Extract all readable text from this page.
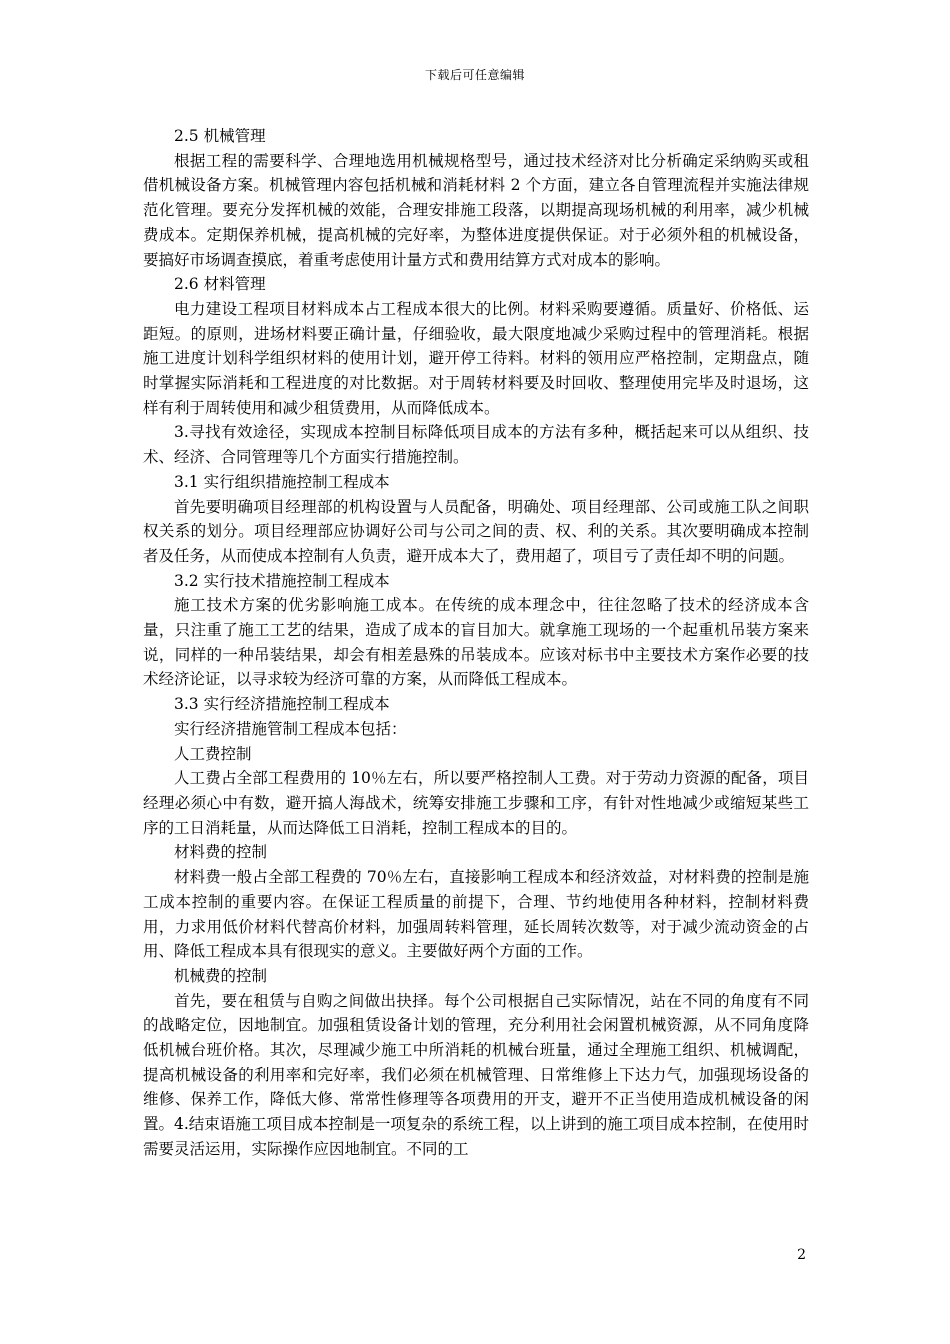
下载后可任意编辑

2.5 机械管理

根据工程的需要科学、合理地选用机械规格型号，通过技术经济对比分析确定采纳购买或租借机械设备方案。机械管理内容包括机械和消耗材料 2 个方面，建立各自管理流程并实施法律规范化管理。要充分发挥机械的效能，合理安排施工段落，以期提高现场机械的利用率，减少机械费成本。定期保养机械，提高机械的完好率，为整体进度提供保证。对于必须外租的机械设备，要搞好市场调查摸底，着重考虑使用计量方式和费用结算方式对成本的影响。

2.6 材料管理

电力建设工程项目材料成本占工程成本很大的比例。材料采购要遵循。质量好、价格低、运距短。的原则，进场材料要正确计量，仔细验收，最大限度地减少采购过程中的管理消耗。根据施工进度计划科学组织材料的使用计划，避开停工待料。材料的领用应严格控制，定期盘点，随时掌握实际消耗和工程进度的对比数据。对于周转材料要及时回收、整理使用完毕及时退场，这样有利于周转使用和减少租赁费用，从而降低成本。

3.寻找有效途径，实现成本控制目标降低项目成本的方法有多种，概括起来可以从组织、技术、经济、合同管理等几个方面实行措施控制。

3.1 实行组织措施控制工程成本

首先要明确项目经理部的机构设置与人员配备，明确处、项目经理部、公司或施工队之间职权关系的划分。项目经理部应协调好公司与公司之间的责、权、利的关系。其次要明确成本控制者及任务，从而使成本控制有人负责，避开成本大了，费用超了，项目亏了责任却不明的问题。

3.2 实行技术措施控制工程成本

施工技术方案的优劣影响施工成本。在传统的成本理念中，往往忽略了技术的经济成本含量，只注重了施工工艺的结果，造成了成本的盲目加大。就拿施工现场的一个起重机吊装方案来说，同样的一种吊装结果，却会有相差悬殊的吊装成本。应该对标书中主要技术方案作必要的技术经济论证，以寻求较为经济可靠的方案，从而降低工程成本。

3.3 实行经济措施控制工程成本

实行经济措施管制工程成本包括：

人工费控制

人工费占全部工程费用的 10％左右，所以要严格控制人工费。对于劳动力资源的配备，项目经理必须心中有数，避开搞人海战术，统筹安排施工步骤和工序，有针对性地减少或缩短某些工序的工日消耗量，从而达降低工日消耗，控制工程成本的目的。

材料费的控制

材料费一般占全部工程费的 70％左右，直接影响工程成本和经济效益，对材料费的控制是施工成本控制的重要内容。在保证工程质量的前提下，合理、节约地使用各种材料，控制材料费用，力求用低价材料代替高价材料，加强周转料管理，延长周转次数等，对于减少流动资金的占用、降低工程成本具有很现实的意义。主要做好两个方面的工作。

机械费的控制

首先，要在租赁与自购之间做出抉择。每个公司根据自己实际情况，站在不同的角度有不同的战略定位，因地制宜。加强租赁设备计划的管理，充分利用社会闲置机械资源，从不同角度降低机械台班价格。其次，尽理减少施工中所消耗的机械台班量，通过全理施工组织、机械调配，提高机械设备的利用率和完好率，我们必须在机械管理、日常维修上下达力气，加强现场设备的维修、保养工作，降低大修、常常性修理等各项费用的开支，避开不正当使用造成机械设备的闲置。4.结束语施工项目成本控制是一项复杂的系统工程，以上讲到的施工项目成本控制，在使用时需要灵活运用，实际操作应因地制宜。不同的工

2
